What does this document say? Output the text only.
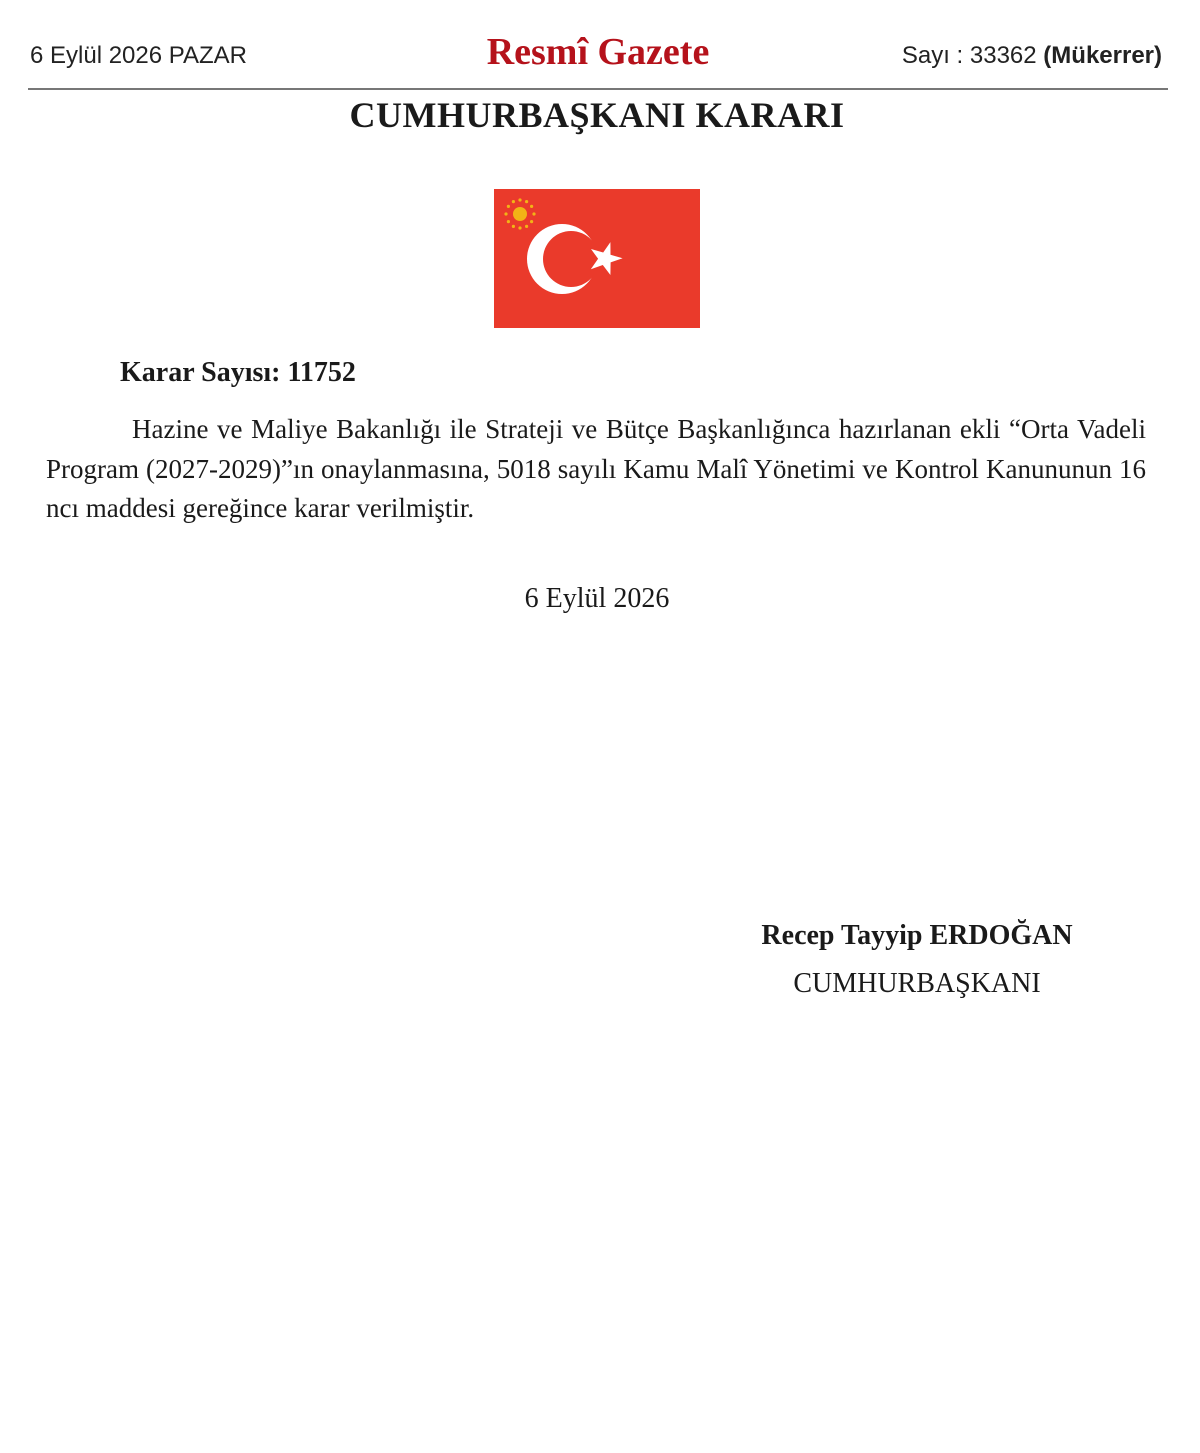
6 Eylül 2026 PAZAR	Resmî Gazete	Sayı : 33362 (Mükerrer)
CUMHURBAŞKANI KARARI
Karar Sayısı: 11752

Hazine ve Maliye Bakanlığı ile Strateji ve Bütçe Başkanlığınca hazırlanan ekli “Orta Vadeli Program (2027-2029)”ın onaylanmasına, 5018 sayılı Kamu Malî Yönetimi ve Kontrol Kanununun 16 ncı maddesi gereğince karar verilmiştir.

6 Eylül 2026
Recep Tayyip ERDOĞAN
CUMHURBAŞKANI
